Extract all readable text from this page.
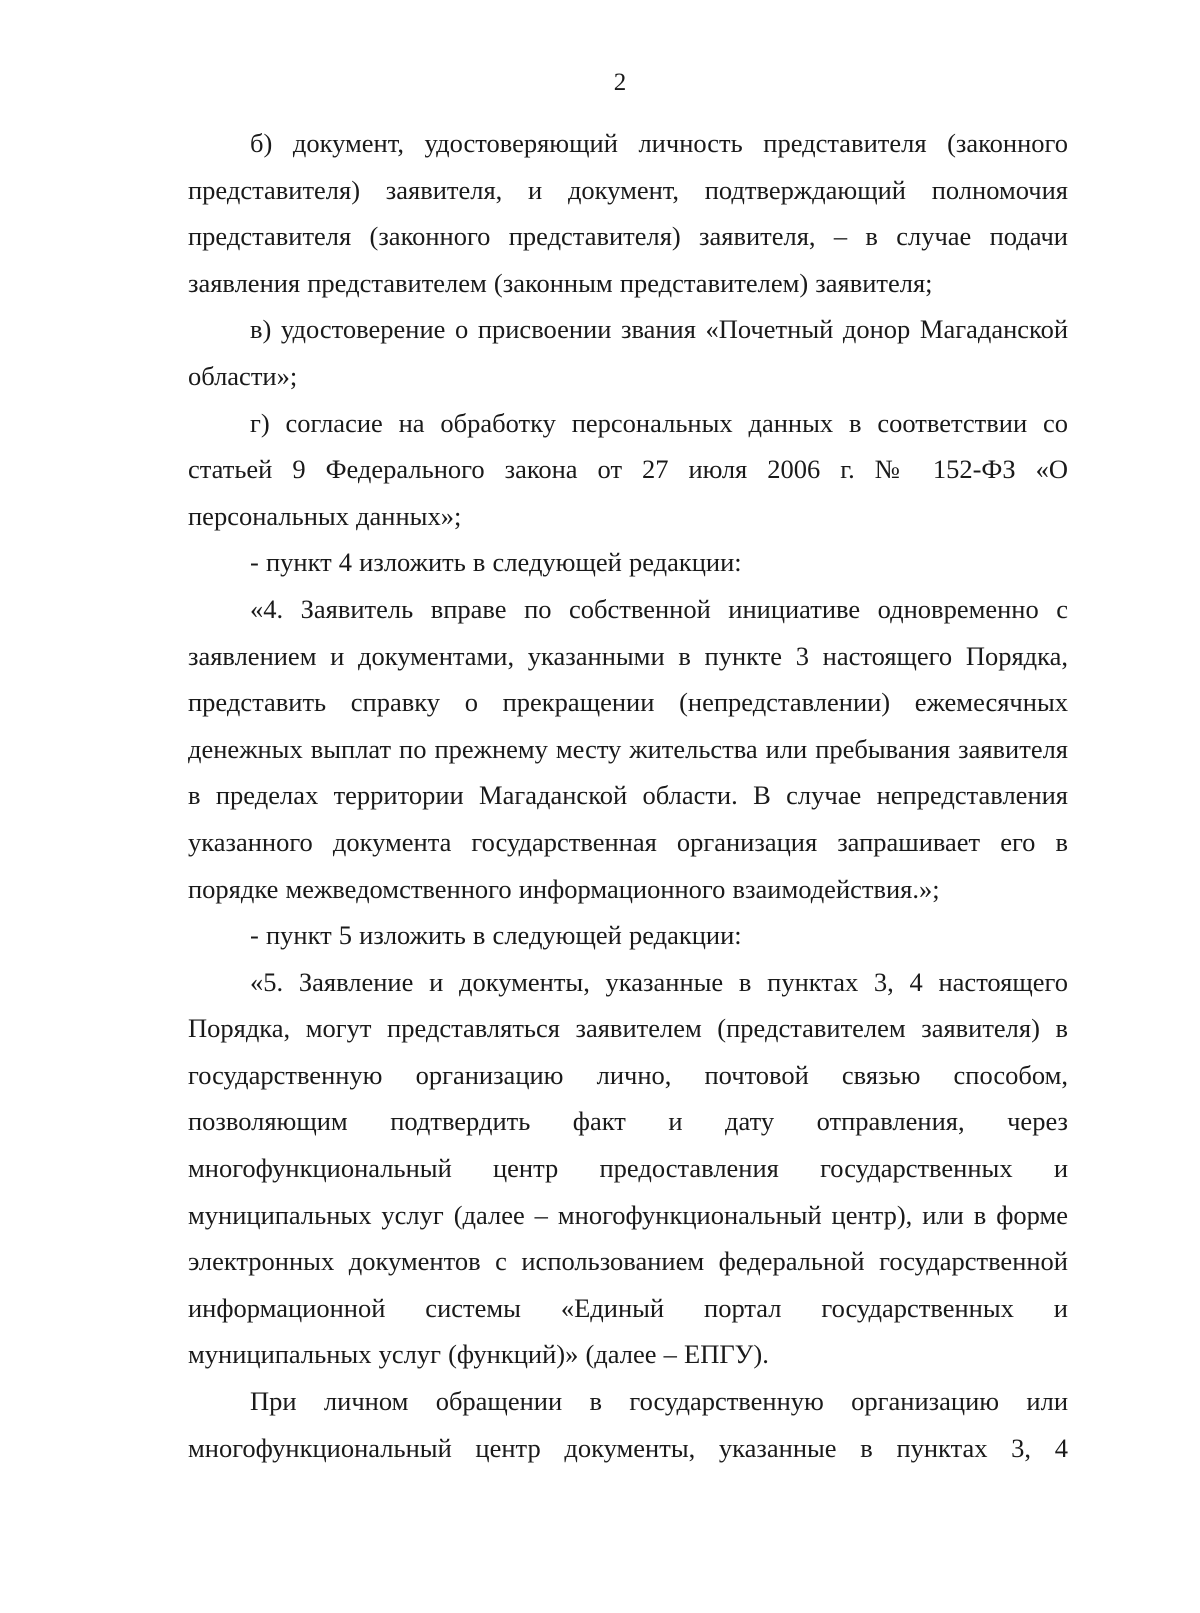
2

б) документ, удостоверяющий личность представителя (законного представителя) заявителя, и документ, подтверждающий полномочия представителя (законного представителя) заявителя, – в случае подачи заявления представителем (законным представителем) заявителя;

в) удостоверение о присвоении звания «Почетный донор Магаданской области»;

г) согласие на обработку персональных данных в соответствии со статьей 9 Федерального закона от 27 июля 2006 г. № 152-ФЗ «О персональных данных»;

- пункт 4 изложить в следующей редакции:

«4. Заявитель вправе по собственной инициативе одновременно с заявлением и документами, указанными в пункте 3 настоящего Порядка, представить справку о прекращении (непредставлении) ежемесячных денежных выплат по прежнему месту жительства или пребывания заявителя в пределах территории Магаданской области. В случае непредставления указанного документа государственная организация запрашивает его в порядке межведомственного информационного взаимодействия.»;

- пункт 5 изложить в следующей редакции:

«5. Заявление и документы, указанные в пунктах 3, 4 настоящего Порядка, могут представляться заявителем (представителем заявителя) в государственную организацию лично, почтовой связью способом, позволяющим подтвердить факт и дату отправления, через многофункциональный центр предоставления государственных и муниципальных услуг (далее – многофункциональный центр), или в форме электронных документов с использованием федеральной государственной информационной системы «Единый портал государственных и муниципальных услуг (функций)» (далее – ЕПГУ).

При личном обращении в государственную организацию или многофункциональный центр документы, указанные в пунктах 3, 4
